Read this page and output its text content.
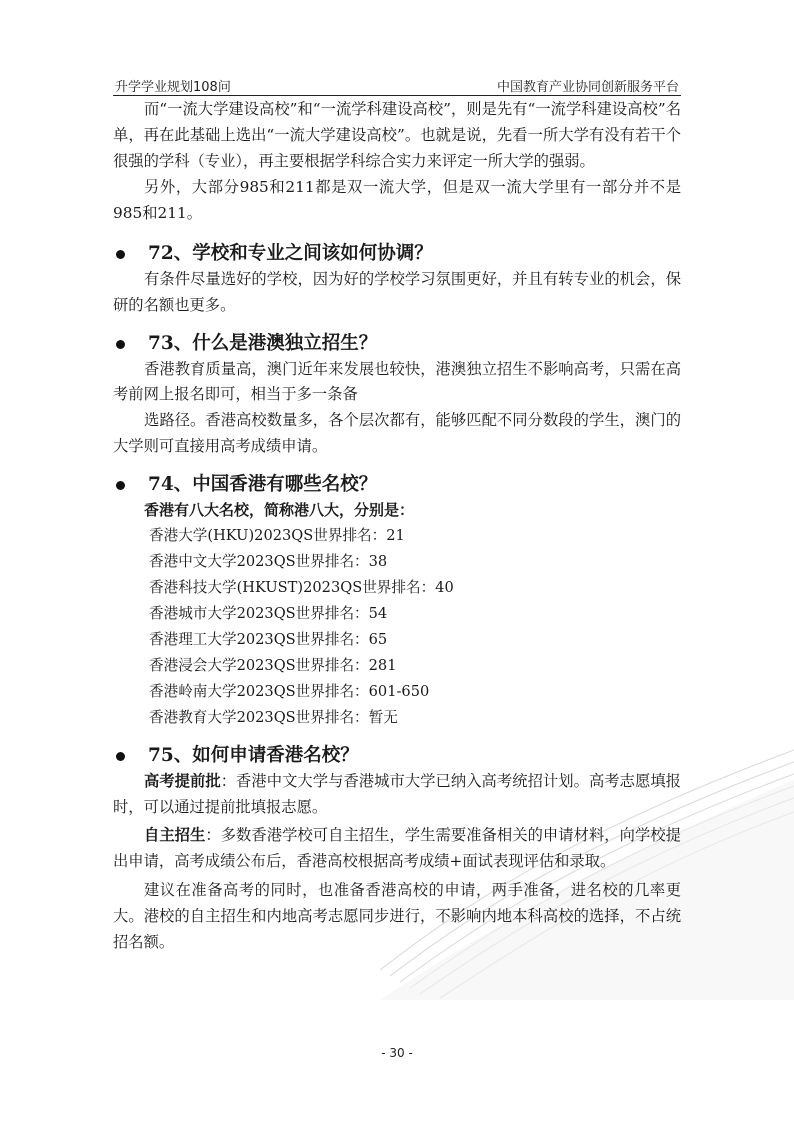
升学学业规划108问	中国教育产业协同创新服务平台

而“一流大学建设高校”和“一流学科建设高校”，则是先有“一流学科建设高校”名单，再在此基础上选出“一流大学建设高校”。也就是说，先看一所大学有没有若干个很强的学科（专业），再主要根据学科综合实力来评定一所大学的强弱。

另外，大部分985和211都是双一流大学，但是双一流大学里有一部分并不是985和211。

72、学校和专业之间该如何协调？

有条件尽量选好的学校，因为好的学校学习氛围更好，并且有转专业的机会，保研的名额也更多。

73、什么是港澳独立招生？

香港教育质量高，澳门近年来发展也较快，港澳独立招生不影响高考，只需在高考前网上报名即可，相当于多一条备

选路径。香港高校数量多，各个层次都有，能够匹配不同分数段的学生，澳门的大学则可直接用高考成绩申请。

74、中国香港有哪些名校？
香港有八大名校，简称港八大，分别是：
香港大学(HKU)2023QS世界排名：21
香港中文大学2023QS世界排名：38
香港科技大学(HKUST)2023QS世界排名：40
香港城市大学2023QS世界排名：54
香港理工大学2023QS世界排名：65
香港浸会大学2023QS世界排名：281
香港岭南大学2023QS世界排名：601-650
香港教育大学2023QS世界排名：暂无
75、如何申请香港名校？

高考提前批：香港中文大学与香港城市大学已纳入高考统招计划。高考志愿填报时，可以通过提前批填报志愿。

自主招生：多数香港学校可自主招生，学生需要准备相关的申请材料，向学校提出申请，高考成绩公布后，香港高校根据高考成绩+面试表现评估和录取。

建议在准备高考的同时，也准备香港高校的申请，两手准备，进名校的几率更大。港校的自主招生和内地高考志愿同步进行，不影响内地本科高校的选择，不占统招名额。

- 30 -
